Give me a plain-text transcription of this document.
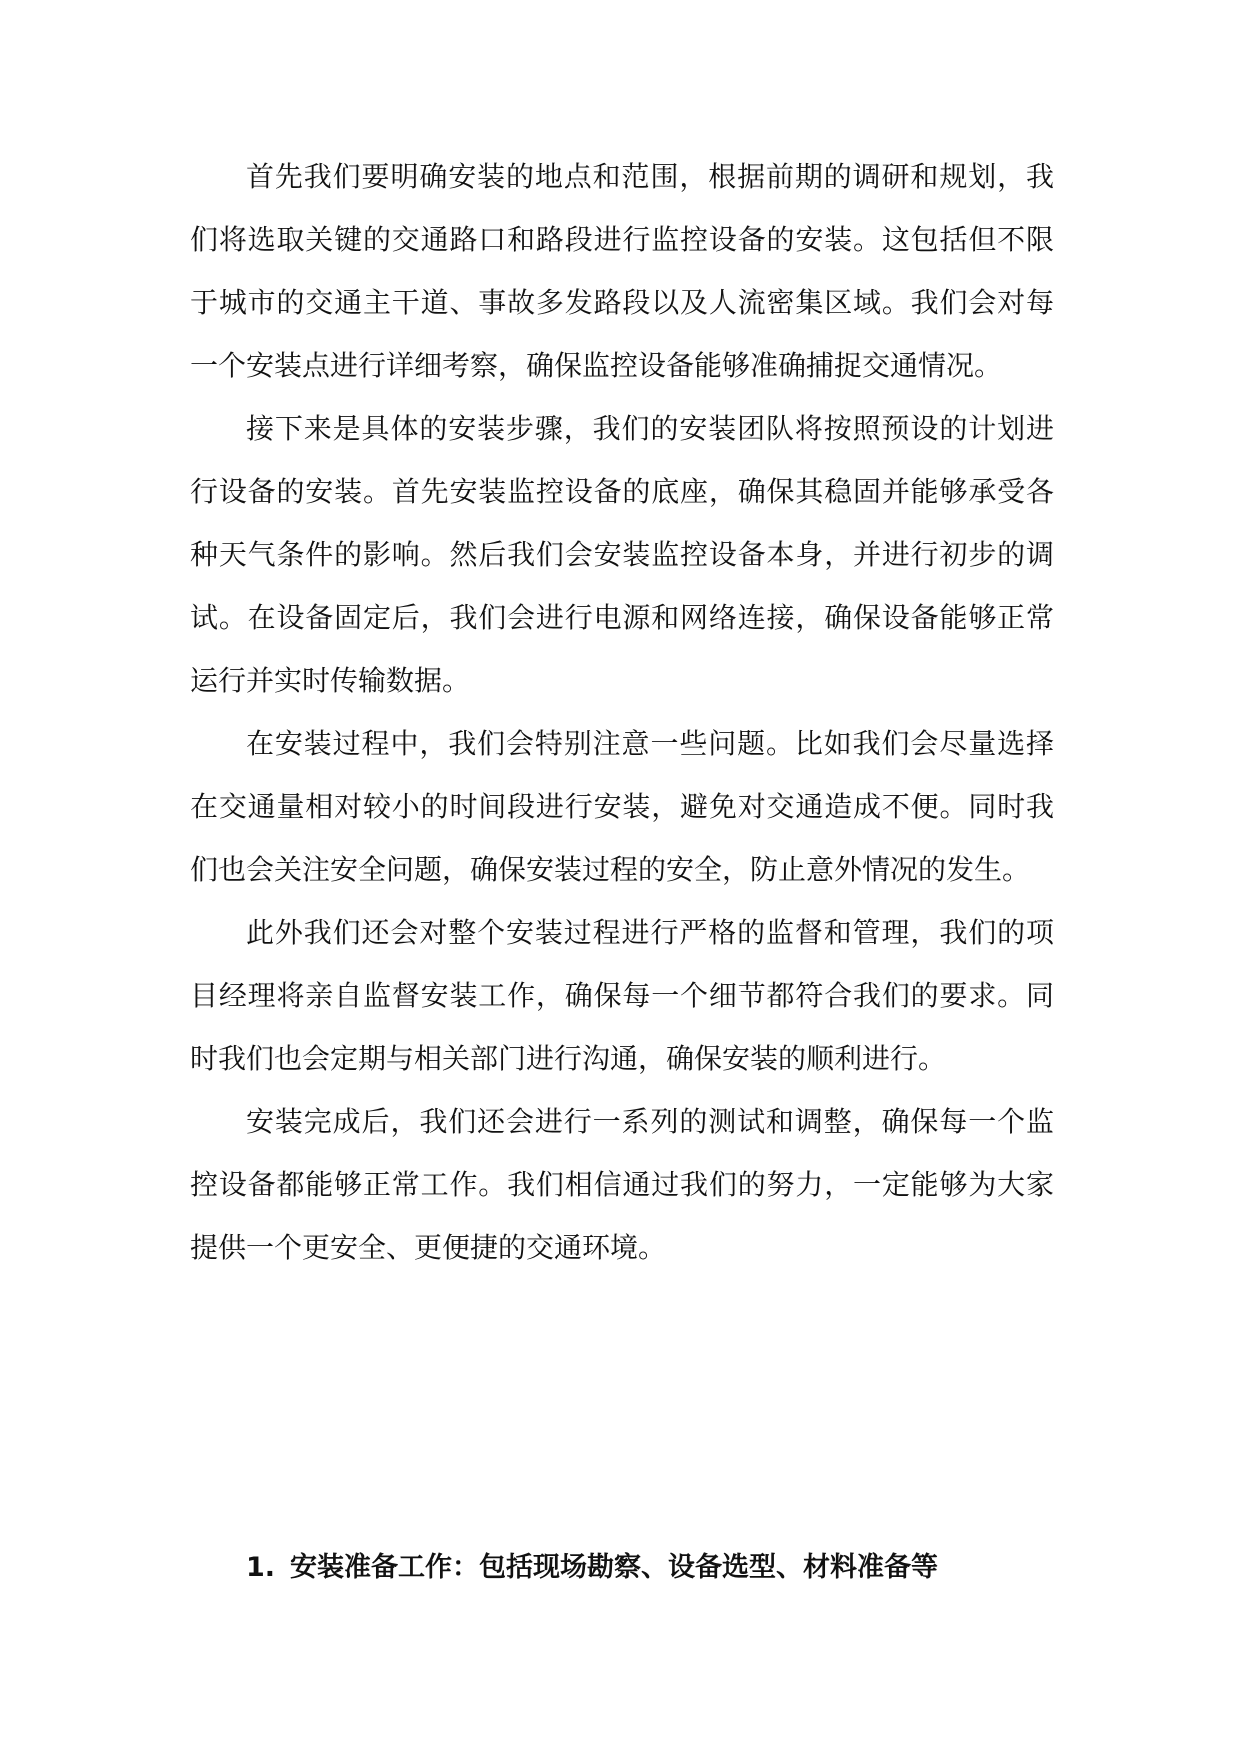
首先我们要明确安装的地点和范围，根据前期的调研和规划，我们将选取关键的交通路口和路段进行监控设备的安装。这包括但不限于城市的交通主干道、事故多发路段以及人流密集区域。我们会对每一个安装点进行详细考察，确保监控设备能够准确捕捉交通情况。

接下来是具体的安装步骤，我们的安装团队将按照预设的计划进行设备的安装。首先安装监控设备的底座，确保其稳固并能够承受各种天气条件的影响。然后我们会安装监控设备本身，并进行初步的调试。在设备固定后，我们会进行电源和网络连接，确保设备能够正常运行并实时传输数据。

在安装过程中，我们会特别注意一些问题。比如我们会尽量选择在交通量相对较小的时间段进行安装，避免对交通造成不便。同时我们也会关注安全问题，确保安装过程的安全，防止意外情况的发生。

此外我们还会对整个安装过程进行严格的监督和管理，我们的项目经理将亲自监督安装工作，确保每一个细节都符合我们的要求。同时我们也会定期与相关部门进行沟通，确保安装的顺利进行。

安装完成后，我们还会进行一系列的测试和调整，确保每一个监控设备都能够正常工作。我们相信通过我们的努力，一定能够为大家提供一个更安全、更便捷的交通环境。

1. 安装准备工作：包括现场勘察、设备选型、材料准备等
